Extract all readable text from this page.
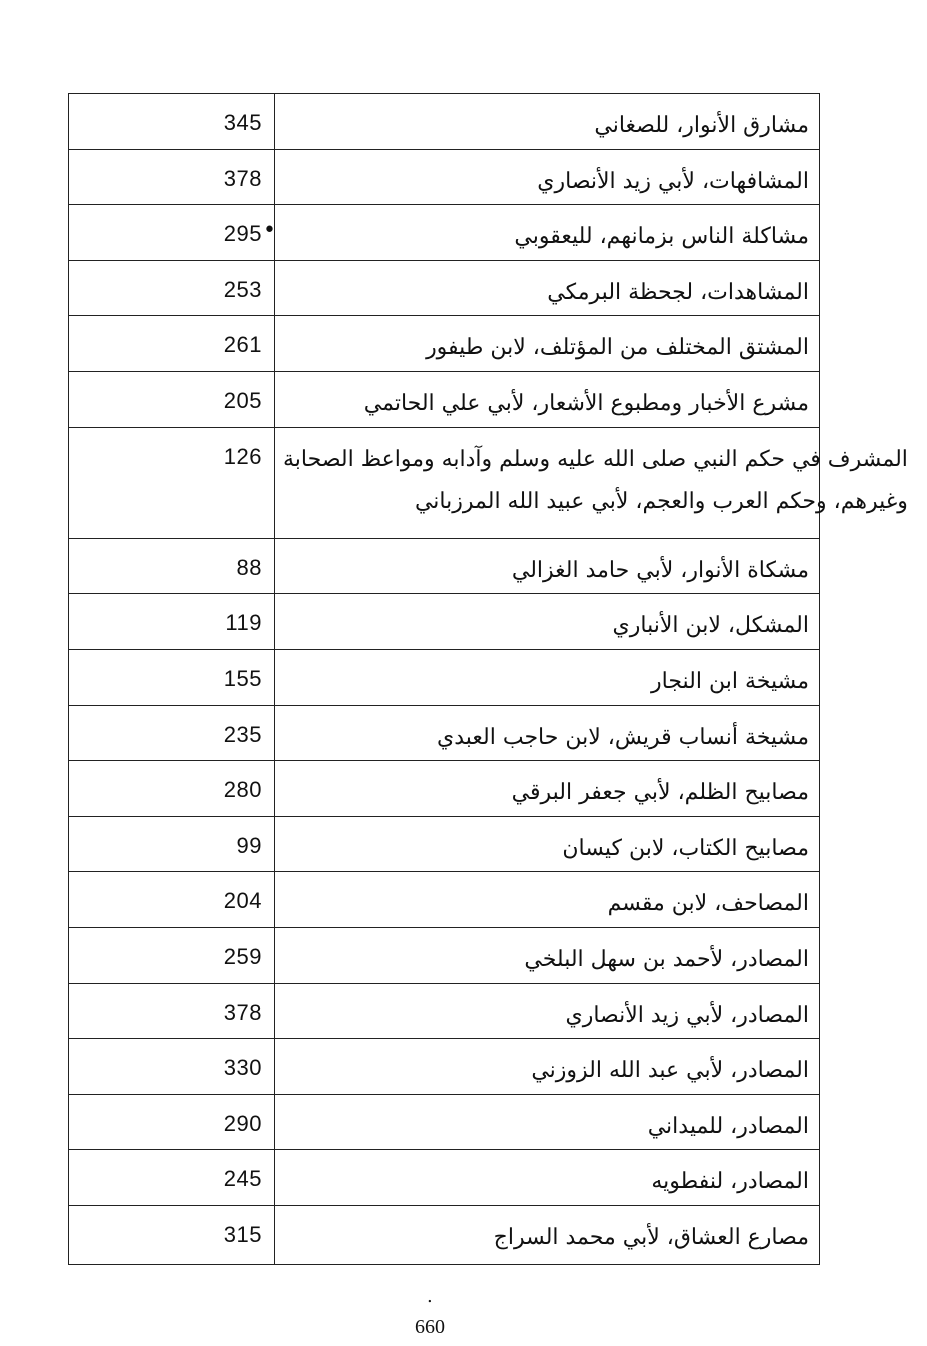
345	مشارق الأنوار، للصغاني
378	المشافهات، لأبي زيد الأنصاري
295 •	مشاكلة الناس بزمانهم، لليعقوبي
253	المشاهدات، لجحظة البرمكي
261	المشتق المختلف من المؤتلف، لابن طيفور
205	مشرع الأخبار ومطبوع الأشعار، لأبي علي الحاتمي
126 المشرف في حكم النبي صلى الله عليه وسلم وآدابه ومواعظ الصحابة
وغيرهم، وحكم العرب والعجم، لأبي عبيد الله المرزباني
88	مشكاة الأنوار، لأبي حامد الغزالي
119	المشكل، لابن الأنباري
155	مشيخة ابن النجار
235	مشيخة أنساب قريش، لابن حاجب العبدي
280	مصابيح الظلم، لأبي جعفر البرقي
99	مصابيح الكتاب، لابن كيسان
204	المصاحف، لابن مقسم
259	المصادر، لأحمد بن سهل البلخي
378	المصادر، لأبي زيد الأنصاري
330	المصادر، لأبي عبد الله الزوزني
290	المصادر، للميداني
245	المصادر، لنفطويه
315	مصارع العشاق، لأبي محمد السراج
.
660
